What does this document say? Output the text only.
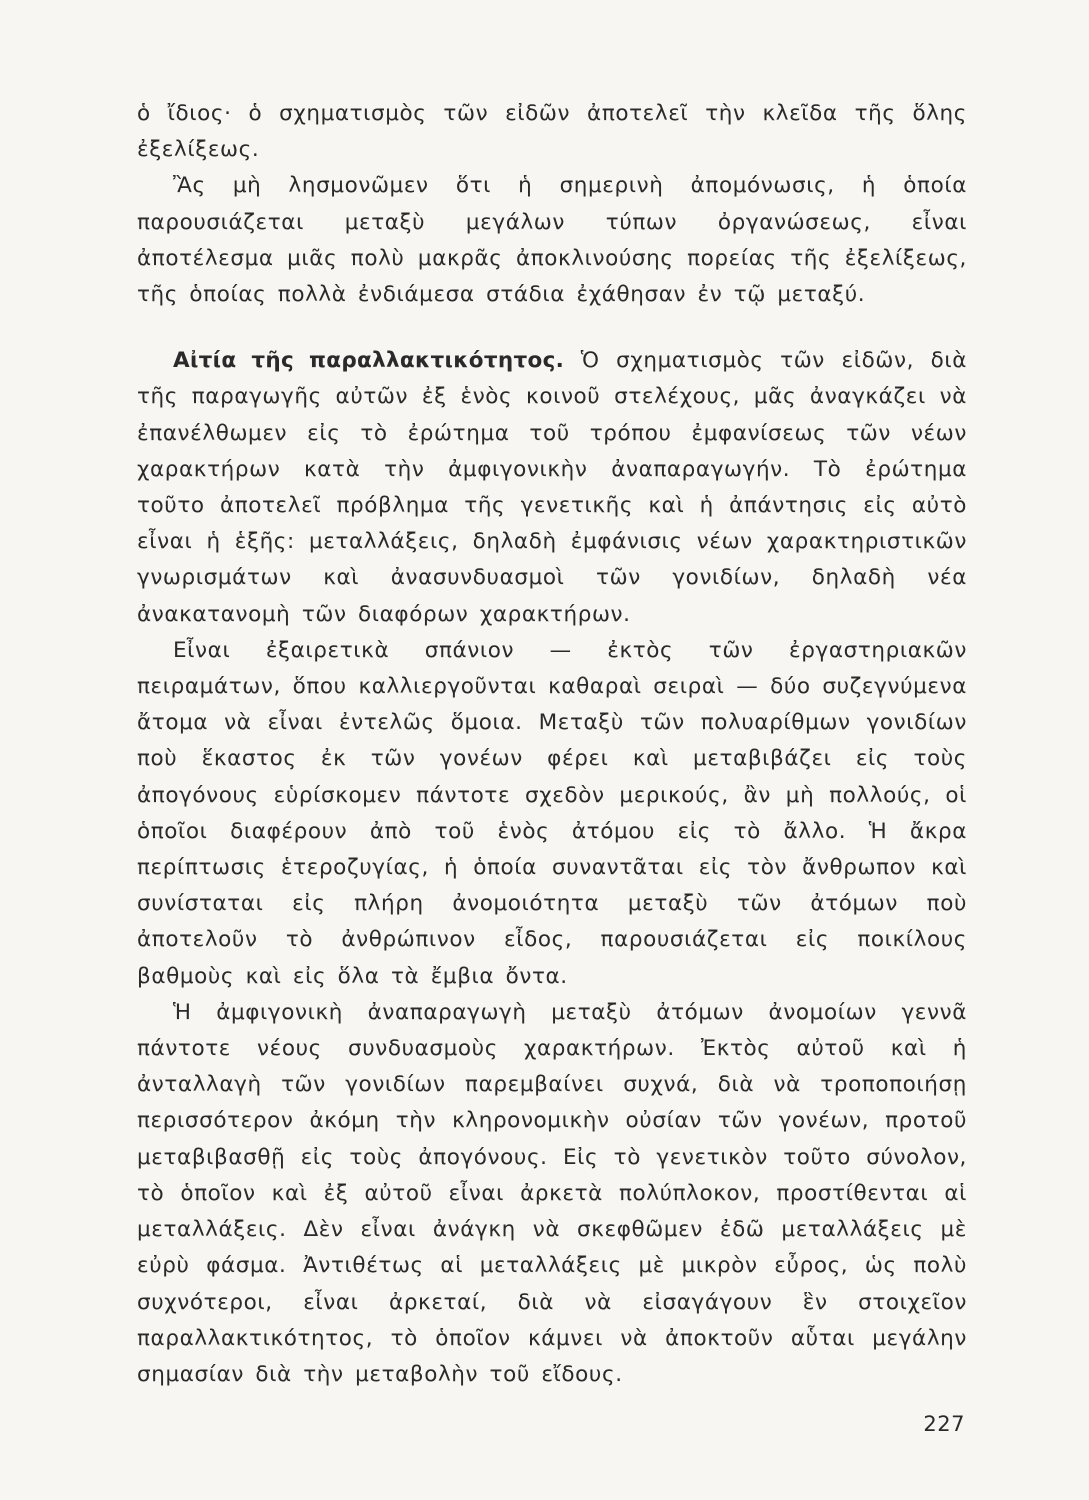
ὁ ἴδιος· ὁ σχηματισμὸς τῶν εἰδῶν ἀποτελεῖ τὴν κλεῖδα τῆς ὅλης ἐξελίξεως.

Ἂς μὴ λησμονῶμεν ὅτι ἡ σημερινὴ ἀπομόνωσις, ἡ ὁποία παρουσιάζεται μεταξὺ μεγάλων τύπων ὀργανώσεως, εἶναι ἀποτέλεσμα μιᾶς πολὺ μακρᾶς ἀποκλινούσης πορείας τῆς ἐξελίξεως, τῆς ὁποίας πολλὰ ἐνδιάμεσα στάδια ἐχάθησαν ἐν τῷ μεταξύ.

Αἰτία τῆς παραλλακτικότητος. Ὁ σχηματισμὸς τῶν εἰδῶν, διὰ τῆς παραγωγῆς αὐτῶν ἐξ ἑνὸς κοινοῦ στελέχους, μᾶς ἀναγκάζει νὰ ἐπανέλθωμεν εἰς τὸ ἐρώτημα τοῦ τρόπου ἐμφανίσεως τῶν νέων χαρακτήρων κατὰ τὴν ἀμφιγονικὴν ἀναπαραγωγήν. Τὸ ἐρώτημα τοῦτο ἀποτελεῖ πρόβλημα τῆς γενετικῆς καὶ ἡ ἀπάντησις εἰς αὐτὸ εἶναι ἡ ἑξῆς: μεταλλάξεις, δηλαδὴ ἐμφάνισις νέων χαρακτηριστικῶν γνωρισμάτων καὶ ἀνασυνδυασμοὶ τῶν γονιδίων, δηλαδὴ νέα ἀνακατανομὴ τῶν διαφόρων χαρακτήρων.

Εἶναι ἐξαιρετικὰ σπάνιον — ἐκτὸς τῶν ἐργαστηριακῶν πειραμάτων, ὅπου καλλιεργοῦνται καθαραὶ σειραὶ — δύο συζεγνύμενα ἄτομα νὰ εἶναι ἐντελῶς ὅμοια. Μεταξὺ τῶν πολυαρίθμων γονιδίων ποὺ ἕκαστος ἐκ τῶν γονέων φέρει καὶ μεταβιβάζει εἰς τοὺς ἀπογόνους εὑρίσκομεν πάντοτε σχεδὸν μερικούς, ἂν μὴ πολλούς, οἱ ὁποῖοι διαφέρουν ἀπὸ τοῦ ἑνὸς ἀτόμου εἰς τὸ ἄλλο. Ἡ ἄκρα περίπτωσις ἑτεροζυγίας, ἡ ὁποία συναντᾶται εἰς τὸν ἄνθρωπον καὶ συνίσταται εἰς πλήρη ἀνομοιότητα μεταξὺ τῶν ἀτόμων ποὺ ἀποτελοῦν τὸ ἀνθρώπινον εἶδος, παρουσιάζεται εἰς ποικίλους βαθμοὺς καὶ εἰς ὅλα τὰ ἔμβια ὄντα.

Ἡ ἀμφιγονικὴ ἀναπαραγωγὴ μεταξὺ ἀτόμων ἀνομοίων γεννᾶ πάντοτε νέους συνδυασμοὺς χαρακτήρων. Ἐκτὸς αὐτοῦ καὶ ἡ ἀνταλλαγὴ τῶν γονιδίων παρεμβαίνει συχνά, διὰ νὰ τροποποιήσῃ περισσότερον ἀκόμη τὴν κληρονομικὴν οὐσίαν τῶν γονέων, προτοῦ μεταβιβασθῇ εἰς τοὺς ἀπογόνους. Εἰς τὸ γενετικὸν τοῦτο σύνολον, τὸ ὁποῖον καὶ ἐξ αὐτοῦ εἶναι ἀρκετὰ πολύπλοκον, προστίθενται αἱ μεταλλάξεις. Δὲν εἶναι ἀνάγκη νὰ σκεφθῶμεν ἐδῶ μεταλλάξεις μὲ εὐρὺ φάσμα. Ἀντιθέτως αἱ μεταλλάξεις μὲ μικρὸν εὖρος, ὡς πολὺ συχνότεροι, εἶναι ἀρκεταί, διὰ νὰ εἰσαγάγουν ἓν στοιχεῖον παραλλακτικότητος, τὸ ὁποῖον κάμνει νὰ ἀποκτοῦν αὗται μεγάλην σημασίαν διὰ τὴν μεταβολὴν τοῦ εἴδους.

227
